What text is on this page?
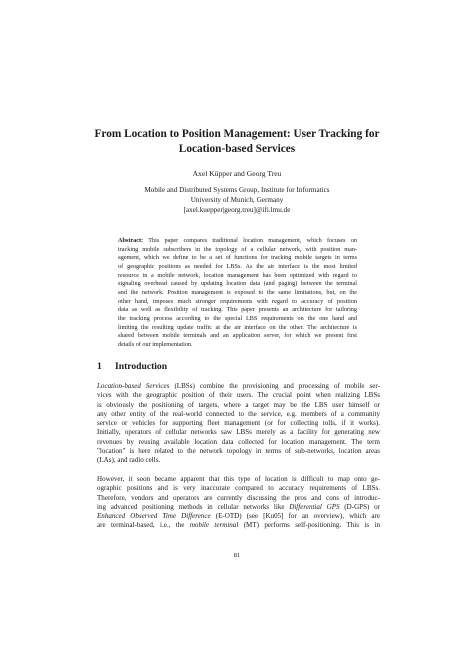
From Location to Position Management: User Tracking for
Location-based Services
Axel Küpper and Georg Treu
Mobile and Distributed Systems Group, Institute for Informatics
University of Munich, Germany
[axel.kuepper|georg.treu]@ifi.lmu.de
Abstract: This paper compares traditional location management, which focuses on
tracking mobile subscribers in the topology of a cellular network, with position man-
agement, which we define to be a set of functions for tracking mobile targets in terms
of geographic positions as needed for LBSs. As the air interface is the most limited
resource in a mobile network, location management has been optimized with regard to
signaling overhead caused by updating location data (and paging) between the terminal
and the network. Position management is exposed to the same limitations, but, on the
other hand, imposes much stronger requirements with regard to accuracy of position
data as well as flexibility of tracking. This paper presents an architecture for tailoring
the tracking process according to the special LBS requirements on the one hand and
limiting the resulting update traffic at the air interface on the other. The architecture is
shared between mobile terminals and an application server, for which we present first
details of our implementation.
1 Introduction
Location-based Services (LBSs) combine the provisioning and processing of mobile ser-
vices with the geographic position of their users. The crucial point when realizing LBSs
is obviously the positioning of targets, where a target may be the LBS user himself or
any other entity of the real-world connected to the service, e.g. members of a community
service or vehicles for supporting fleet management (or for collecting tolls, if it works).
Initially, operators of cellular networks saw LBSs merely as a facility for generating new
revenues by reusing available location data collected for location management. The term
"location" is here related to the network topology in terms of sub-networks, location areas
(LAs), and radio cells.
However, it soon became apparent that this type of location is difficult to map onto ge-
ographic positions and is very inaccurate compared to accuracy requirements of LBSs.
Therefore, vendors and operators are currently discussing the pros and cons of introduc-
ing advanced positioning methods in cellular networks like Differential GPS (D-GPS) or
Enhanced Observed Time Difference (E-OTD) (see [Ku05] for an overview), which are
are terminal-based, i.e., the mobile terminal (MT) performs self-positioning. This is in
81
